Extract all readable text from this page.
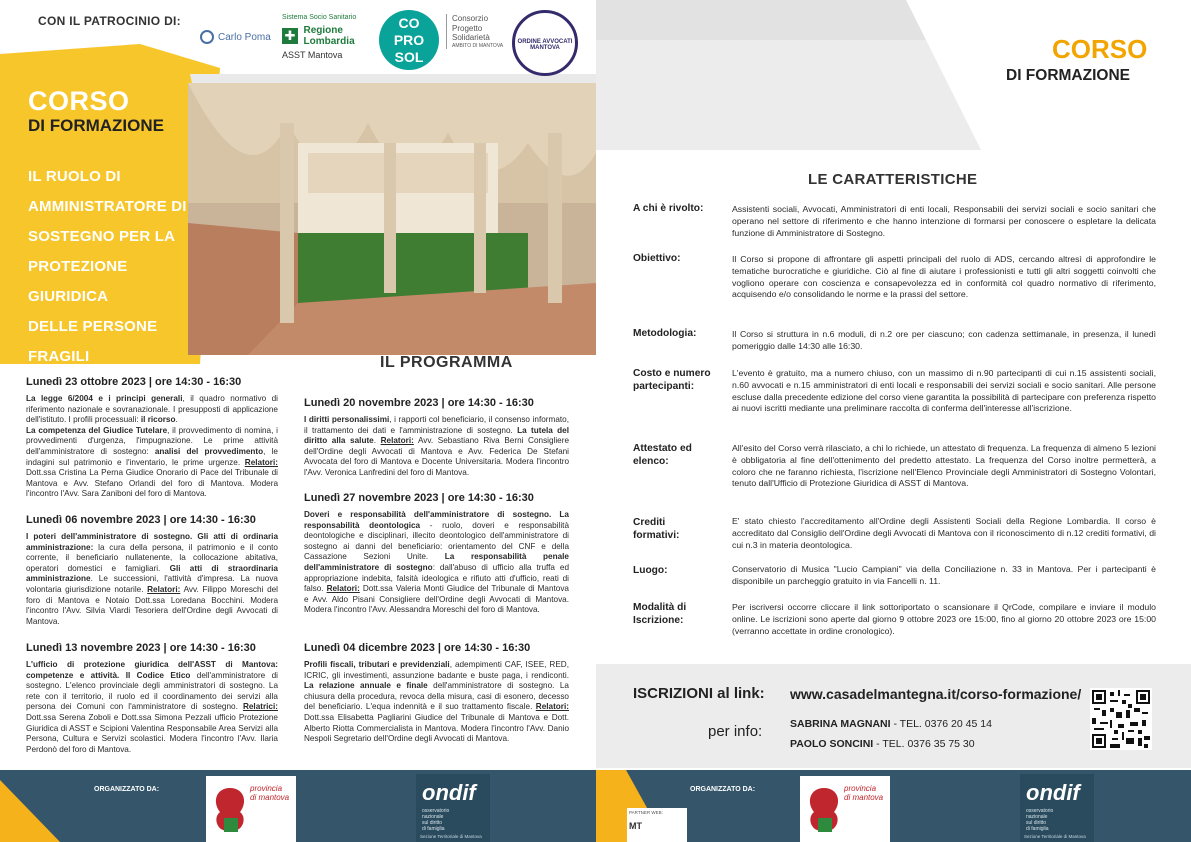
CON IL PATROCINIO DI:
Carlo Poma
Sistema Socio Sanitario
✚ Regione
Lombardia
ASST Mantova
CO
PRO
SOL
Consorzio
Progetto
Solidarietà
AMBITO DI MANTOVA
ORDINE AVVOCATI MANTOVA
CORSO
DI FORMAZIONE
IL RUOLO DI
AMMINISTRATORE DI
SOSTEGNO PER LA
PROTEZIONE
GIURIDICA
DELLE PERSONE
FRAGILI	IL PROGRAMMA
Lunedì 23 ottobre 2023 | ore 14:30 - 16:30
La legge 6/2004 e i principi generali, il quadro normativo di riferimento nazionale e sovranazionale. I presupposti di applicazione dell'istituto. I profili processuali: il ricorso.
La competenza del Giudice Tutelare, il provvedimento di nomina, i provvedimenti d'urgenza, l'impugnazione. Le prime attività dell'amministratore di sostegno: analisi del provvedimento, le indagini sul patrimonio e l'inventario, le prime urgenze. Relatori: Dott.ssa Cristina La Perna Giudice Onorario di Pace del Tribunale di Mantova e Avv. Stefano Orlandi del foro di Mantova. Modera l'incontro l'Avv. Sara Zaniboni del foro di Mantova.
Lunedì 06 novembre 2023 | ore 14:30 - 16:30
I poteri dell'amministratore di sostegno. Gli atti di ordinaria amministrazione: la cura della persona, il patrimonio e il conto corrente, il beneficiario nullatenente, la collocazione abitativa, operatori domestici e famigliari. Gli atti di straordinaria amministrazione. Le successioni, l'attività d'impresa. La nuova volontaria giurisdizione notarile. Relatori: Avv. Filippo Moreschi del foro di Mantova e Notaio Dott.ssa Loredana Bocchini. Modera l'incontro l'Avv. Silvia Viardi Tesoriera dell'Ordine degli Avvocati di Mantova.
Lunedì 13 novembre 2023 | ore 14:30 - 16:30
L'ufficio di protezione giuridica dell'ASST di Mantova: competenze e attività. Il Codice Etico dell'amministratore di sostegno. L'elenco provinciale degli amministratori di sostegno. La rete con il territorio, il ruolo ed il coordinamento dei servizi alla persona dei Comuni con l'amministratore di sostegno. Relatrici: Dott.ssa Serena Zoboli e Dott.ssa Simona Pezzali ufficio Protezione Giuridica di ASST e Scipioni Valentina Responsabile Area Servizi alla Persona, Cultura e Servizi scolastici. Modera l'incontro l'Avv. Ilaria Perdonò del foro di Mantova.
Lunedì 20 novembre 2023 | ore 14:30 - 16:30
I diritti personalissimi, i rapporti col beneficiario, il consenso informato, il trattamento dei dati e l'amministrazione di sostegno. La tutela del diritto alla salute. Relatori: Avv. Sebastiano Riva Berni Consigliere dell'Ordine degli Avvocati di Mantova e Avv. Federica De Stefani Avvocata del foro di Mantova e Docente Universitaria. Modera l'incontro l'Avv. Veronica Lanfredini del foro di Mantova.
Lunedì 27 novembre 2023 | ore 14:30 - 16:30
Doveri e responsabilità dell'amministratore di sostegno. La responsabilità deontologica - ruolo, doveri e responsabilità deontologiche e disciplinari, illecito deontologico dell'amministratore di sostegno ai danni del beneficiario: orientamento del CNF e della Cassazione Sezioni Unite. La responsabilità penale dell'amministratore di sostegno: dall'abuso di ufficio alla truffa ed appropriazione indebita, falsità ideologica e rifiuto atti d'ufficio, reati di falso. Relatori: Dott.ssa Valeria Monti Giudice del Tribunale di Mantova e Avv. Aldo Pisani Consigliere dell'Ordine degli Avvocati di Mantova. Modera l'incontro l'Avv. Alessandra Moreschi del foro di Mantova.
Lunedì 04 dicembre 2023 | ore 14:30 - 16:30
Profili fiscali, tributari e previdenziali, adempimenti CAF, ISEE, RED, ICRIC, gli investimenti, assunzione badante e buste paga, i rendiconti. La relazione annuale e finale dell'amministratore di sostegno. La chiusura della procedura, revoca della misura, casi di esonero, decesso del beneficiario. L'equa indennità e il suo trattamento fiscale. Relatori: Dott.ssa Elisabetta Pagliarini Giudice del Tribunale di Mantova e Dott. Alberto Riotta Commercialista in Mantova. Modera l'incontro l'Avv. Danio Nespoli Segretario dell'Ordine degli Avvocati di Mantova.
ORGANIZZATO DA:	provincia
di mantova	ondif
osservatorio
nazionale
sul diritto
di famiglia
Sezione Territoriale di Mantova
CORSO
DI FORMAZIONE
LE CARATTERISTICHE
A chi è rivolto:	Assistenti sociali, Avvocati, Amministratori di enti locali, Responsabili dei servizi sociali e socio sanitari che operano nel settore di riferimento e che hanno intenzione di formarsi per conoscere o espletare la delicata funzione di Amministratore di Sostegno.
Obiettivo:	Il Corso si propone di affrontare gli aspetti principali del ruolo di ADS, cercando altresì di approfondire le tematiche burocratiche e giuridiche. Ciò al fine di aiutare i professionisti e tutti gli altri soggetti coinvolti che vogliono operare con coscienza e consapevolezza ed in conformità col quadro normativo di riferimento, acquisendo e/o consolidando le norme e la prassi del settore.
Metodologia:	Il Corso si struttura in n.6 moduli, di n.2 ore per ciascuno; con cadenza settimanale, in presenza, il lunedì pomeriggio dalle 14:30 alle 16:30.
Costo e numero
partecipanti:
L'evento è gratuito, ma a numero chiuso, con un massimo di n.90 partecipanti di cui n.15 assistenti sociali, n.60 avvocati e n.15 amministratori di enti locali e responsabili dei servizi sociali e socio sanitari. Alle persone escluse dalla precedente edizione del corso viene garantita la possibilità di partecipare con preferenza rispetto ai nuovi iscritti mediante una preliminare raccolta di conferma dell'interesse all'iscrizione.
Attestato ed
elenco:
All'esito del Corso verrà rilasciato, a chi lo richiede, un attestato di frequenza. La frequenza di almeno 5 lezioni è obbligatoria al fine dell'ottenimento del predetto attestato. La frequenza del Corso inoltre permetterà, a coloro che ne faranno richiesta, l'iscrizione nell'Elenco Provinciale degli Amministratori di Sostegno Volontari, tenuto dall'Ufficio di Protezione Giuridica di ASST di Mantova.
Crediti
formativi:
E' stato chiesto l'accreditamento all'Ordine degli Assistenti Sociali della Regione Lombardia. Il corso è accreditato dal Consiglio dell'Ordine degli Avvocati di Mantova con il riconoscimento di n.12 crediti formativi, di cui n.3 in materia deontologica.
Luogo:	Conservatorio di Musica "Lucio Campiani" via della Conciliazione n. 33 in Mantova. Per i partecipanti è disponibile un parcheggio gratuito in via Fancelli n. 11.
Modalità di
Iscrizione:
Per iscriversi occorre cliccare il link sottoriportato o scansionare il QrCode, compilare e inviare il modulo online. Le iscrizioni sono aperte dal giorno 9 ottobre 2023 ore 15:00, fino al giorno 20 ottobre 2023 ore 15:00 (verranno accettate in ordine cronologico).
ISCRIZIONI al link: www.casadelmantegna.it/corso-formazione/
per info:	SABRINA MAGNANI - TEL. 0376 20 45 14
PAOLO SONCINI - TEL. 0376 35 75 30
ORGANIZZATO DA:
PARTNER WEB:
MT
provincia
di mantova	ondif
osservatorio
nazionale
sul diritto
di famiglia
Sezione Territoriale di Mantova
